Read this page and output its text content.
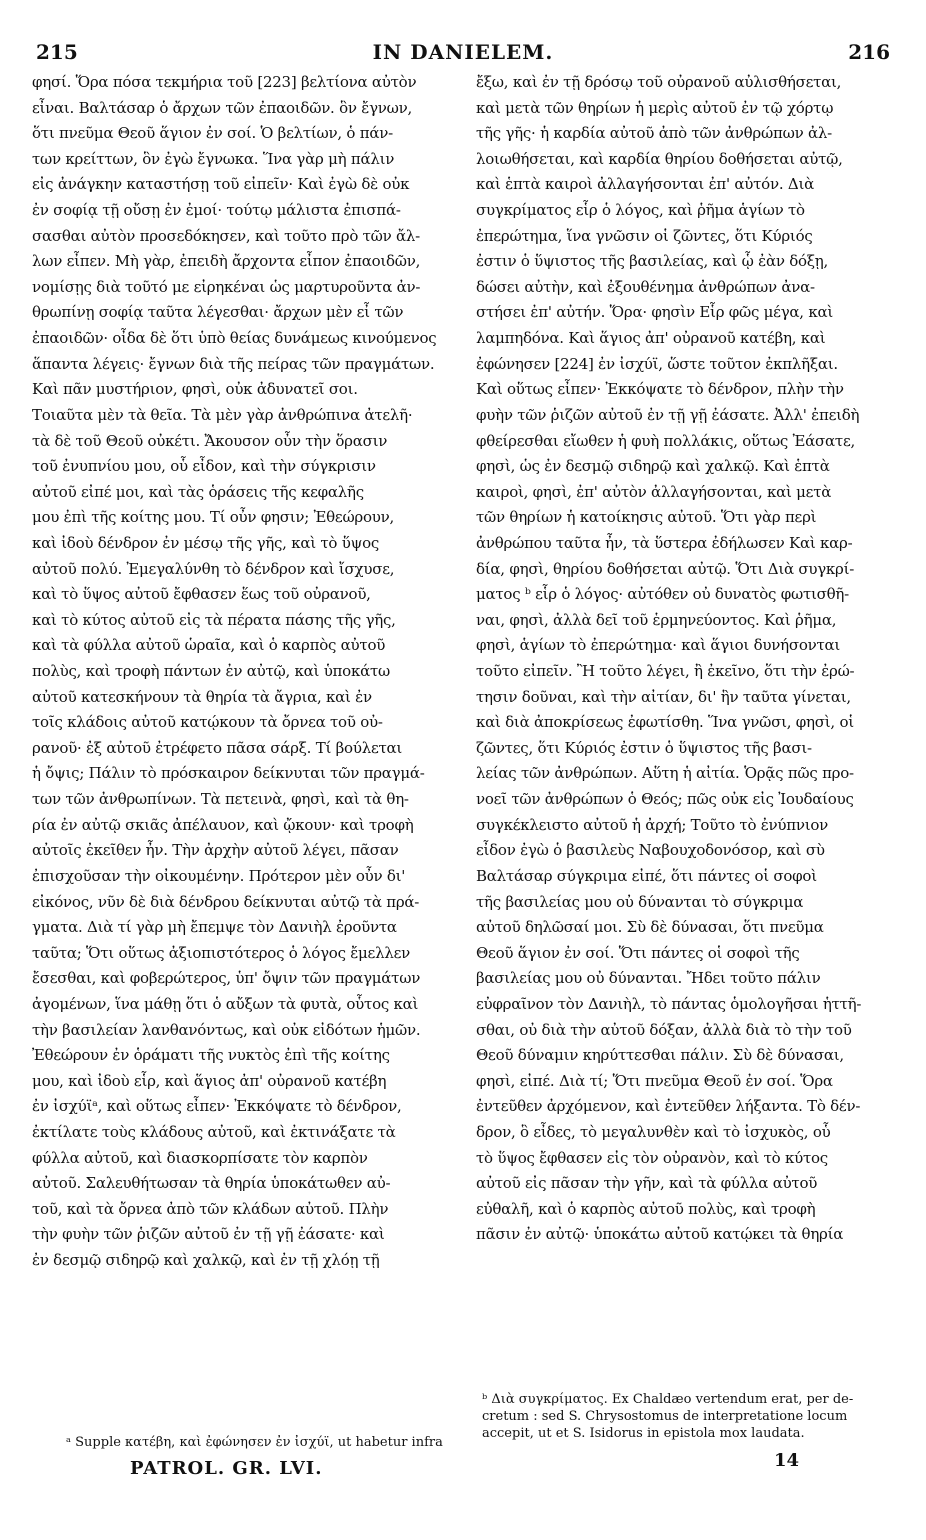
215	IN DANIELEM.	216
φησί. Ὅρα πόσα τεκμήρια τοῦ [223] βελτίονα αὐτὸν
εἶναι. Βαλτάσαρ ὁ ἄρχων τῶν ἐπαοιδῶν. ὃν ἔγνων,
ὅτι πνεῦμα Θεοῦ ἅγιον ἐν σοί. Ὁ βελτίων, ὁ πάν-
των κρείττων, ὃν ἐγὼ ἔγνωκα. Ἵνα γὰρ μὴ πάλιν
εἰς ἀνάγκην καταστήσῃ τοῦ εἰπεῖν· Καὶ ἐγὼ δὲ οὐκ
ἐν σοφίᾳ τῇ οὔσῃ ἐν ἐμοί· τούτῳ μάλιστα ἐπισπά-
σασθαι αὐτὸν προσεδόκησεν, καὶ τοῦτο πρὸ τῶν ἄλ-
λων εἶπεν. Μὴ γὰρ, ἐπειδὴ ἄρχοντα εἶπον ἐπαοιδῶν,
νομίσῃς διὰ τοῦτό με εἰρηκέναι ὡς μαρτυροῦντα ἀν-
θρωπίνῃ σοφίᾳ ταῦτα λέγεσθαι· ἄρχων μὲν εἶ τῶν
ἐπαοιδῶν· οἶδα δὲ ὅτι ὑπὸ θείας δυνάμεως κινούμενος
ἅπαντα λέγεις· ἔγνων διὰ τῆς πείρας τῶν πραγμάτων.
Καὶ πᾶν μυστήριον, φησὶ, οὐκ ἀδυνατεῖ σοι.
Τοιαῦτα μὲν τὰ θεῖα. Τὰ μὲν γὰρ ἀνθρώπινα ἀτελῆ·
τὰ δὲ τοῦ Θεοῦ οὐκέτι. Ἄκουσον οὖν τὴν ὅρασιν
τοῦ ἐνυπνίου μου, οὗ εἶδον, καὶ τὴν σύγκρισιν
αὐτοῦ εἰπέ μοι, καὶ τὰς ὁράσεις τῆς κεφαλῆς
μου ἐπὶ τῆς κοίτης μου. Τί οὖν φησιν; Ἐθεώρουν,
καὶ ἰδοὺ δένδρον ἐν μέσῳ τῆς γῆς, καὶ τὸ ὕψος
αὐτοῦ πολύ. Ἐμεγαλύνθη τὸ δένδρον καὶ ἴσχυσε,
καὶ τὸ ὕψος αὐτοῦ ἔφθασεν ἕως τοῦ οὐρανοῦ,
καὶ τὸ κύτος αὐτοῦ εἰς τὰ πέρατα πάσης τῆς γῆς,
καὶ τὰ φύλλα αὐτοῦ ὡραῖα, καὶ ὁ καρπὸς αὐτοῦ
πολὺς, καὶ τροφὴ πάντων ἐν αὐτῷ, καὶ ὑποκάτω
αὐτοῦ κατεσκήνουν τὰ θηρία τὰ ἄγρια, καὶ ἐν
τοῖς κλάδοις αὐτοῦ κατῴκουν τὰ ὄρνεα τοῦ οὐ-
ρανοῦ· ἐξ αὐτοῦ ἐτρέφετο πᾶσα σάρξ. Τί βούλεται
ἡ ὄψις; Πάλιν τὸ πρόσκαιρον δείκνυται τῶν πραγμά-
των τῶν ἀνθρωπίνων. Τὰ πετεινὰ, φησὶ, καὶ τὰ θη-
ρία ἐν αὐτῷ σκιᾶς ἀπέλαυον, καὶ ᾤκουν· καὶ τροφὴ
αὐτοῖς ἐκεῖθεν ἦν. Τὴν ἀρχὴν αὐτοῦ λέγει, πᾶσαν
ἐπισχοῦσαν τὴν οἰκουμένην. Πρότερον μὲν οὖν δι'
εἰκόνος, νῦν δὲ διὰ δένδρου δείκνυται αὐτῷ τὰ πρά-
γματα. Διὰ τί γὰρ μὴ ἔπεμψε τὸν Δανιὴλ ἐροῦντα
ταῦτα; Ὅτι οὕτως ἀξιοπιστότερος ὁ λόγος ἔμελλεν
ἔσεσθαι, καὶ φοβερώτερος, ὑπ' ὄψιν τῶν πραγμάτων
ἀγομένων, ἵνα μάθῃ ὅτι ὁ αὔξων τὰ φυτὰ, οὗτος καὶ
τὴν βασιλείαν λανθανόντως, καὶ οὐκ εἰδότων ἡμῶν.
Ἐθεώρουν ἐν ὁράματι τῆς νυκτὸς ἐπὶ τῆς κοίτης
μου, καὶ ἰδοὺ εἷρ, καὶ ἅγιος ἀπ' οὐρανοῦ κατέβη
ἐν ἰσχύϊᵃ, καὶ οὕτως εἶπεν· Ἐκκόψατε τὸ δένδρον,
ἐκτίλατε τοὺς κλάδους αὐτοῦ, καὶ ἐκτινάξατε τὰ
φύλλα αὐτοῦ, καὶ διασκορπίσατε τὸν καρπὸν
αὐτοῦ. Σαλευθήτωσαν τὰ θηρία ὑποκάτωθεν αὐ-
τοῦ, καὶ τὰ ὄρνεα ἀπὸ τῶν κλάδων αὐτοῦ. Πλὴν
τὴν φυὴν τῶν ῥιζῶν αὐτοῦ ἐν τῇ γῇ ἐάσατε· καὶ
ἐν δεσμῷ σιδηρῷ καὶ χαλκῷ, καὶ ἐν τῇ χλόῃ τῇ
ἔξω, καὶ ἐν τῇ δρόσῳ τοῦ οὐρανοῦ αὐλισθήσεται,
καὶ μετὰ τῶν θηρίων ἡ μερὶς αὐτοῦ ἐν τῷ χόρτῳ
τῆς γῆς· ἡ καρδία αὐτοῦ ἀπὸ τῶν ἀνθρώπων ἀλ-
λοιωθήσεται, καὶ καρδία θηρίου δοθήσεται αὐτῷ,
καὶ ἑπτὰ καιροὶ ἀλλαγήσονται ἐπ' αὐτόν. Διὰ
συγκρίματος εἷρ ὁ λόγος, καὶ ῥῆμα ἁγίων τὸ
ἐπερώτημα, ἵνα γνῶσιν οἱ ζῶντες, ὅτι Κύριός
ἐστιν ὁ ὕψιστος τῆς βασιλείας, καὶ ᾧ ἐὰν δόξῃ,
δώσει αὐτὴν, καὶ ἐξουθένημα ἀνθρώπων ἀνα-
στήσει ἐπ' αὐτήν. Ὅρα· φησὶν Εἷρ φῶς μέγα, καὶ
λαμπηδόνα. Καὶ ἅγιος ἀπ' οὐρανοῦ κατέβη, καὶ
ἐφώνησεν [224] ἐν ἰσχύϊ, ὥστε τοῦτον ἐκπλῆξαι.
Καὶ οὕτως εἶπεν· Ἐκκόψατε τὸ δένδρον, πλὴν τὴν
φυὴν τῶν ῥιζῶν αὐτοῦ ἐν τῇ γῇ ἐάσατε. Ἀλλ' ἐπειδὴ
φθείρεσθαι εἴωθεν ἡ φυὴ πολλάκις, οὕτως Ἐάσατε,
φησὶ, ὡς ἐν δεσμῷ σιδηρῷ καὶ χαλκῷ. Καὶ ἑπτὰ
καιροὶ, φησὶ, ἐπ' αὐτὸν ἀλλαγήσονται, καὶ μετὰ
τῶν θηρίων ἡ κατοίκησις αὐτοῦ. Ὅτι γὰρ περὶ
ἀνθρώπου ταῦτα ἦν, τὰ ὕστερα ἐδήλωσεν Καὶ καρ-
δία, φησὶ, θηρίου δοθήσεται αὐτῷ. Ὅτι Διὰ συγκρί-
ματος ᵇ εἷρ ὁ λόγος· αὐτόθεν οὐ δυνατὸς φωτισθῆ-
ναι, φησὶ, ἀλλὰ δεῖ τοῦ ἑρμηνεύοντος. Καὶ ῥῆμα,
φησὶ, ἁγίων τὸ ἐπερώτημα· καὶ ἅγιοι δυνήσονται
τοῦτο εἰπεῖν. Ἢ τοῦτο λέγει, ἢ ἐκεῖνο, ὅτι τὴν ἐρώ-
τησιν δοῦναι, καὶ τὴν αἰτίαν, δι' ἣν ταῦτα γίνεται,
καὶ διὰ ἀποκρίσεως ἐφωτίσθη. Ἵνα γνῶσι, φησὶ, οἱ
ζῶντες, ὅτι Κύριός ἐστιν ὁ ὕψιστος τῆς βασι-
λείας τῶν ἀνθρώπων. Αὕτη ἡ αἰτία. Ὁρᾷς πῶς προ-
νοεῖ τῶν ἀνθρώπων ὁ Θεός; πῶς οὐκ εἰς Ἰουδαίους
συγκέκλειστο αὐτοῦ ἡ ἀρχή; Τοῦτο τὸ ἐνύπνιον
εἶδον ἐγὼ ὁ βασιλεὺς Ναβουχοδονόσορ, καὶ σὺ
Βαλτάσαρ σύγκριμα εἰπέ, ὅτι πάντες οἱ σοφοὶ
τῆς βασιλείας μου οὐ δύνανται τὸ σύγκριμα
αὐτοῦ δηλῶσαί μοι. Σὺ δὲ δύνασαι, ὅτι πνεῦμα
Θεοῦ ἅγιον ἐν σοί. Ὅτι πάντες οἱ σοφοὶ τῆς
βασιλείας μου οὐ δύνανται. Ἤδει τοῦτο πάλιν
εὐφραῖνον τὸν Δανιὴλ, τὸ πάντας ὁμολογῆσαι ἡττῆ-
σθαι, οὐ διὰ τὴν αὐτοῦ δόξαν, ἀλλὰ διὰ τὸ τὴν τοῦ
Θεοῦ δύναμιν κηρύττεσθαι πάλιν. Σὺ δὲ δύνασαι,
φησὶ, εἰπέ. Διὰ τί; Ὅτι πνεῦμα Θεοῦ ἐν σοί. Ὅρα
ἐντεῦθεν ἀρχόμενον, καὶ ἐντεῦθεν λήξαντα. Τὸ δέν-
δρον, ὃ εἶδες, τὸ μεγαλυνθὲν καὶ τὸ ἰσχυκὸς, οὗ
τὸ ὕψος ἔφθασεν εἰς τὸν οὐρανὸν, καὶ τὸ κύτος
αὐτοῦ εἰς πᾶσαν τὴν γῆν, καὶ τὰ φύλλα αὐτοῦ
εὐθαλῆ, καὶ ὁ καρπὸς αὐτοῦ πολὺς, καὶ τροφὴ
πᾶσιν ἐν αὐτῷ· ὑποκάτω αὐτοῦ κατῴκει τὰ θηρία
ᵇ Διὰ συγκρίματος. Ex Chaldæo vertendum erat, per de-
cretum : sed S. Chrysostomus de interpretatione locum
accepit, ut et S. Isidorus in epistola mox laudata.
ᵃ Supple κατέβη, καὶ ἐφώνησεν ἐν ἰσχύϊ, ut habetur infra
PATROL. GR. LVI.	14
